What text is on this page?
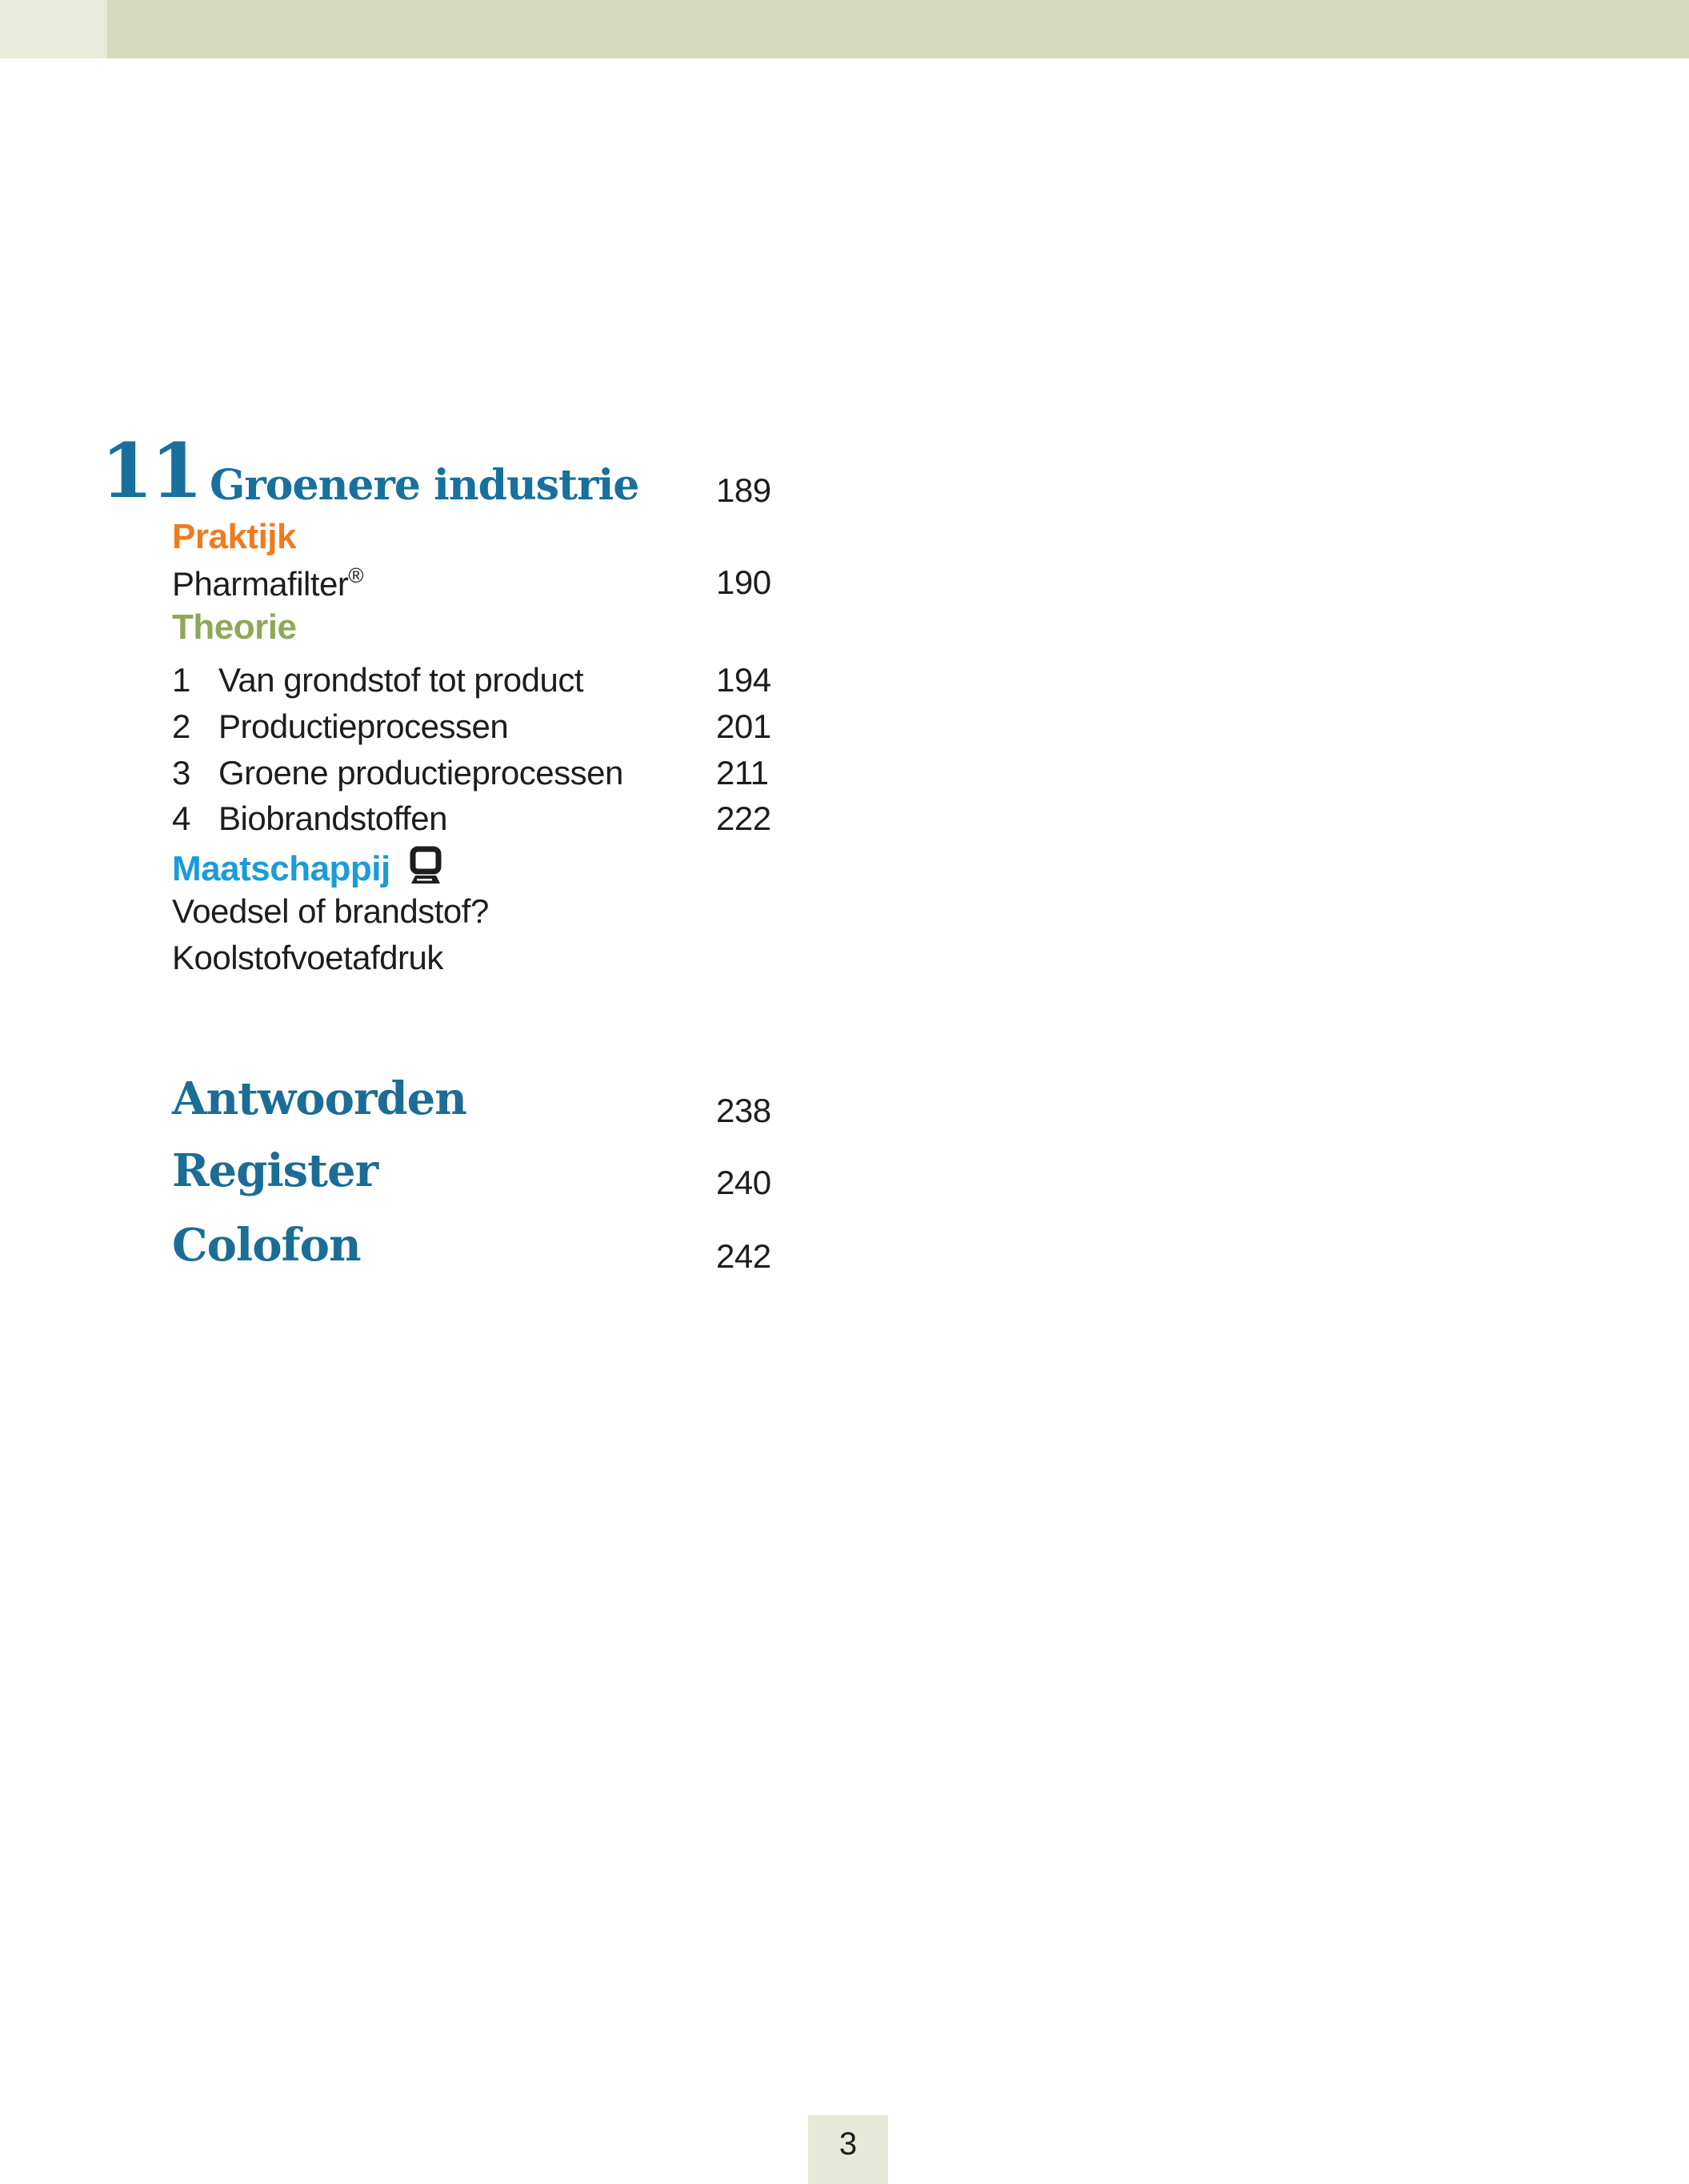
11 Groenere industrie 189
Praktijk
Pharmafilter®	190
Theorie
1 Van grondstof tot product	194
2 Productieprocessen	201
3 Groene productieprocessen	211
4 Biobrandstoffen	222
Maatschappij
Voedsel of brandstof?
Koolstofvoetafdruk
Antwoorden	238
Register	240
Colofon	242
3
